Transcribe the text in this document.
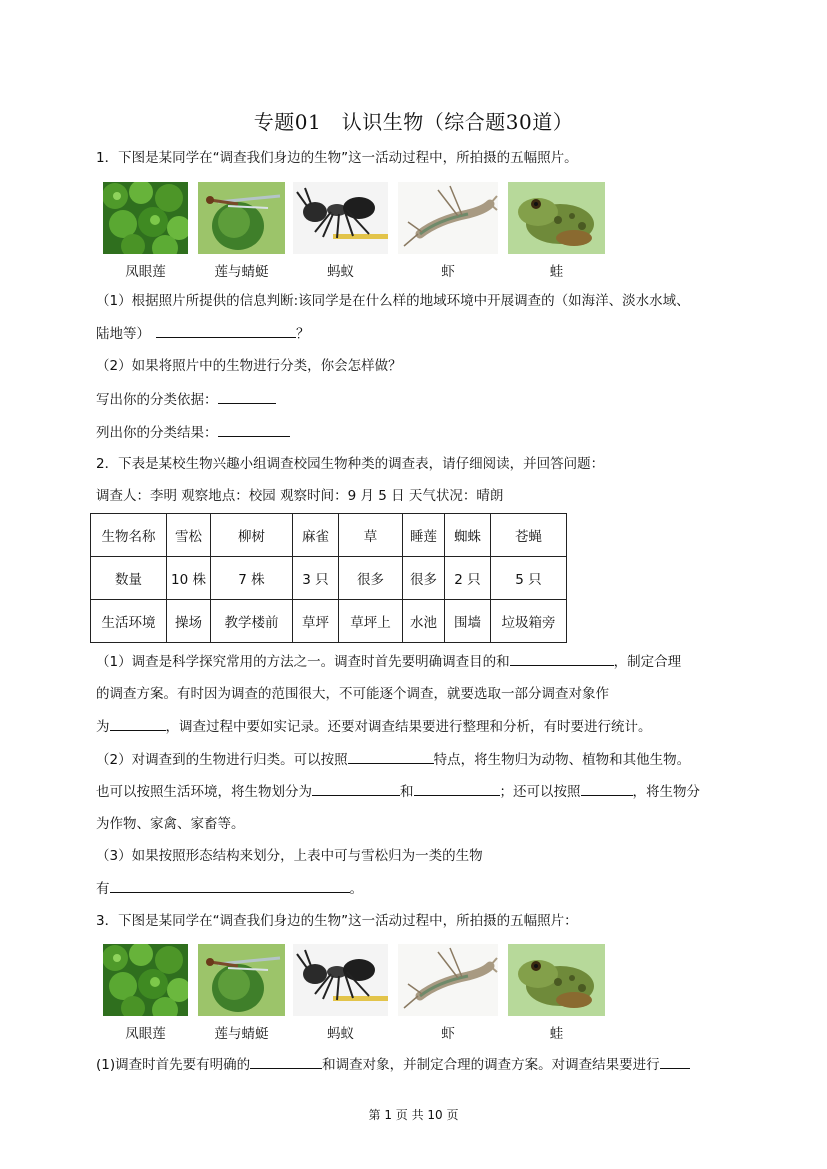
专题01　认识生物（综合题30道）
1．下图是某同学在“调查我们身边的生物”这一活动过程中，所拍摄的五幅照片。
凤眼莲	莲与蜻蜓	蚂蚁	虾	蛙
（1）根据照片所提供的信息判断:该同学是在什么样的地域环境中开展调查的（如海洋、淡水水域、
陆地等）	？
（2）如果将照片中的生物进行分类，你会怎样做？
写出你的分类依据：
列出你的分类结果：
2．下表是某校生物兴趣小组调查校园生物种类的调查表，请仔细阅读，并回答问题：
调查人：李明 观察地点：校园 观察时间：9 月 5 日 天气状况：晴朗
生物名称	雪松	柳树	麻雀	草	睡莲	蜘蛛	苍蝇
数量	10 株	7 株	3 只	很多	很多	2 只	5 只
生活环境	操场	教学楼前	草坪	草坪上	水池	围墙	垃圾箱旁
（1）调查是科学探究常用的方法之一。调查时首先要明确调查目的和	，制定合理
的调查方案。有时因为调查的范围很大，不可能逐个调查，就要选取一部分调查对象作
为	，调查过程中要如实记录。还要对调查结果要进行整理和分析，有时要进行统计。
（2）对调查到的生物进行归类。可以按照	特点，将生物归为动物、植物和其他生物。
也可以按照生活环境，将生物划分为	和	；还可以按照	，将生物分
为作物、家禽、家畜等。
（3）如果按照形态结构来划分，上表中可与雪松归为一类的生物
有	。
3．下图是某同学在“调查我们身边的生物”这一活动过程中，所拍摄的五幅照片：
凤眼莲	莲与蜻蜓	蚂蚁	虾	蛙
(1)调查时首先要有明确的	和调查对象，并制定合理的调查方案。对调查结果要进行
第 1 页 共 10 页
